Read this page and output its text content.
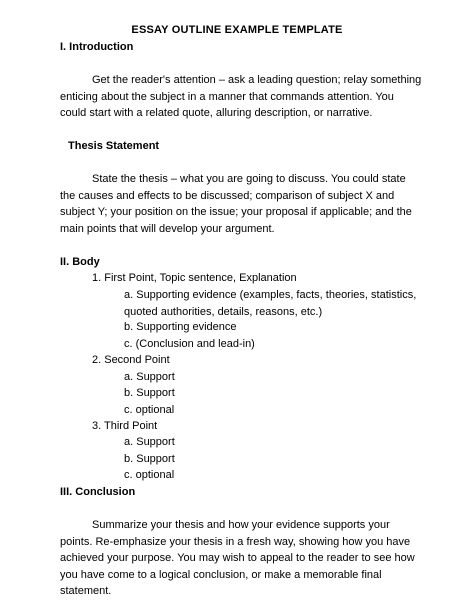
ESSAY OUTLINE EXAMPLE TEMPLATE
I. Introduction
Get the reader's attention – ask a leading question; relay something enticing about the subject in a manner that commands attention. You could start with a related quote, alluring description, or narrative.
Thesis Statement
State the thesis – what you are going to discuss. You could state the causes and effects to be discussed; comparison of subject X and subject Y; your position on the issue; your proposal if applicable; and the main points that will develop your argument.
II. Body
1. First Point, Topic sentence, Explanation
a. Supporting evidence (examples, facts, theories, statistics, quoted authorities, details, reasons, etc.)
b. Supporting evidence
c. (Conclusion and lead-in)
2. Second Point
a. Support
b. Support
c. optional
3. Third Point
a. Support
b. Support
c. optional
III. Conclusion
Summarize your thesis and how your evidence supports your points. Re-emphasize your thesis in a fresh way, showing how you have achieved your purpose. You may wish to appeal to the reader to see how you have come to a logical conclusion, or make a memorable final statement.
